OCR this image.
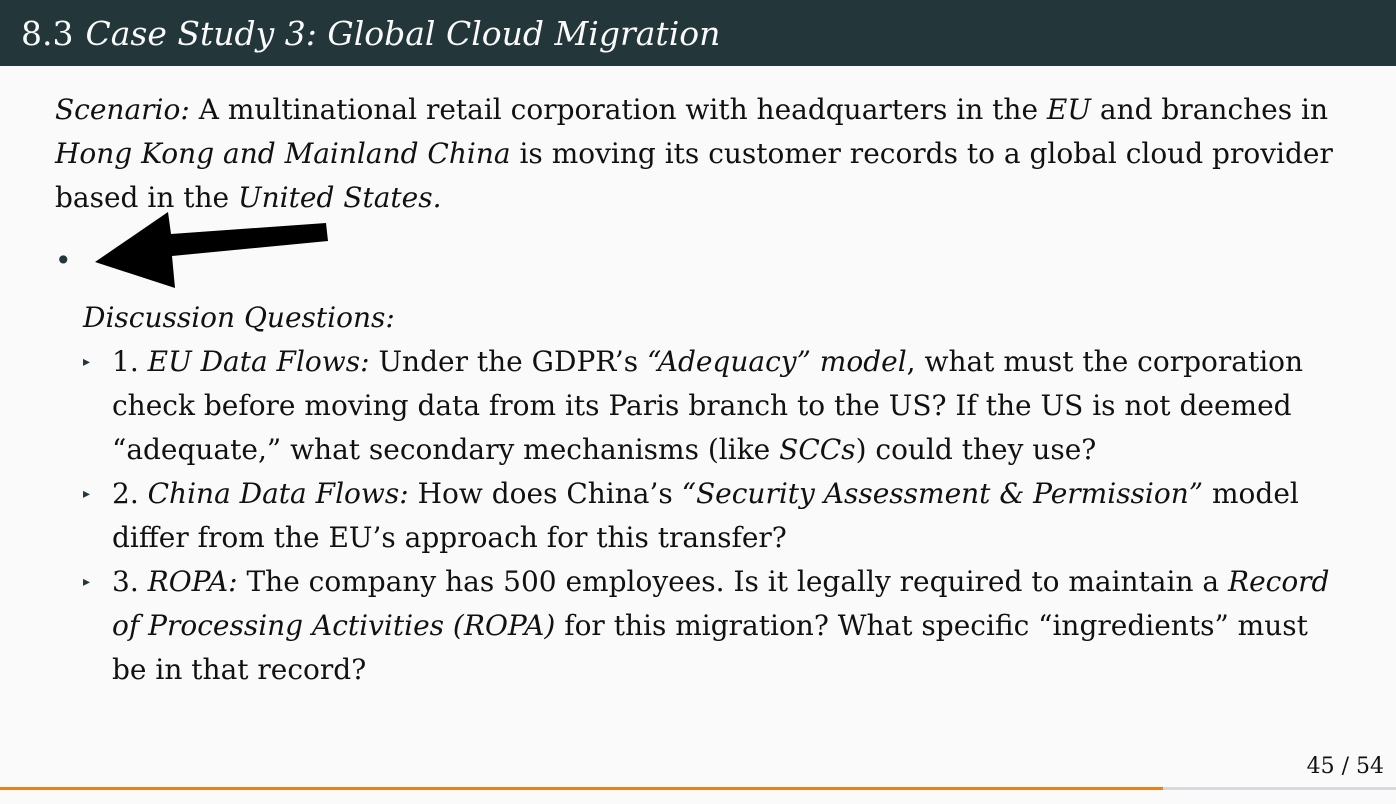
8.3 Case Study 3: Global Cloud Migration
Scenario: A multinational retail corporation with headquarters in the EU and branches in Hong Kong and Mainland China is moving its customer records to a global cloud provider based in the United States.
•
Discussion Questions:
▸ 1. EU Data Flows: Under the GDPR’s “Adequacy” model, what must the corporation check before moving data from its Paris branch to the US? If the US is not deemed “adequate,” what secondary mechanisms (like SCCs) could they use?
▸ 2. China Data Flows: How does China’s “Security Assessment & Permission” model differ from the EU’s approach for this transfer?
▸ 3. ROPA: The company has 500 employees. Is it legally required to maintain a Record of Processing Activities (ROPA) for this migration? What specific “ingredients” must be in that record?
45 / 54
